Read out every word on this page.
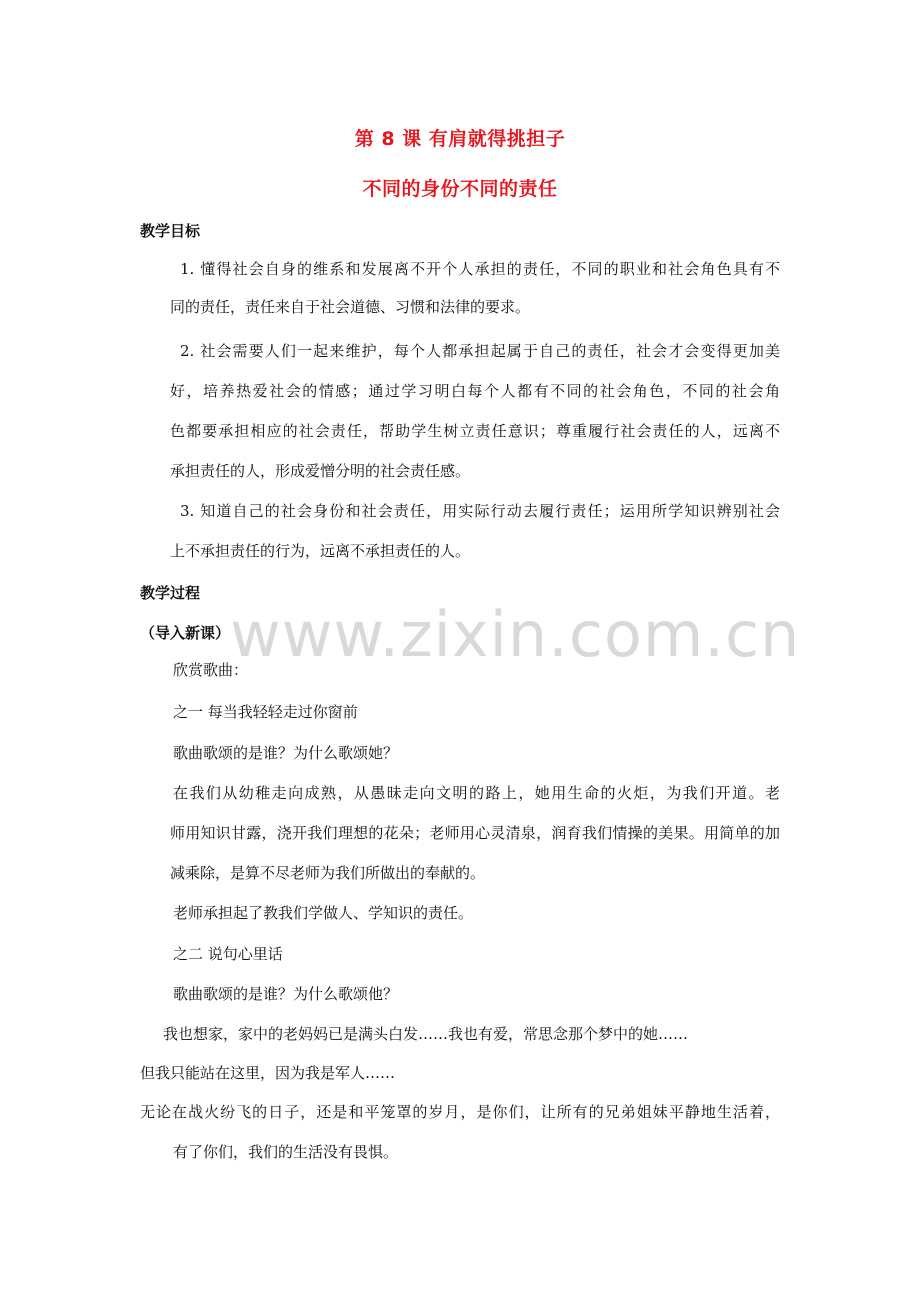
第 8 课 有肩就得挑担子
不同的身份不同的责任
教学目标
1. 懂得社会自身的维系和发展离不开个人承担的责任，不同的职业和社会角色具有不
同的责任，责任来自于社会道德、习惯和法律的要求。
2. 社会需要人们一起来维护，每个人都承担起属于自己的责任，社会才会变得更加美
好，培养热爱社会的情感；通过学习明白每个人都有不同的社会角色，不同的社会角
色都要承担相应的社会责任，帮助学生树立责任意识；尊重履行社会责任的人，远离不
承担责任的人，形成爱憎分明的社会责任感。
3. 知道自己的社会身份和社会责任，用实际行动去履行责任；运用所学知识辨别社会
上不承担责任的行为，远离不承担责任的人。
教学过程
www.zixin.com.cn
（导入新课）
欣赏歌曲：
之一 每当我轻轻走过你窗前
歌曲歌颂的是谁？为什么歌颂她？
在我们从幼稚走向成熟，从愚昧走向文明的路上，她用生命的火炬，为我们开道。老
师用知识甘露，浇开我们理想的花朵；老师用心灵清泉，润育我们情操的美果。用简单的加
减乘除，是算不尽老师为我们所做出的奉献的。
老师承担起了教我们学做人、学知识的责任。
之二 说句心里话
歌曲歌颂的是谁？为什么歌颂他？
我也想家，家中的老妈妈已是满头白发……我也有爱，常思念那个梦中的她……
但我只能站在这里，因为我是军人……
无论在战火纷飞的日子，还是和平笼罩的岁月，是你们，让所有的兄弟姐妹平静地生活着，
有了你们，我们的生活没有畏惧。
